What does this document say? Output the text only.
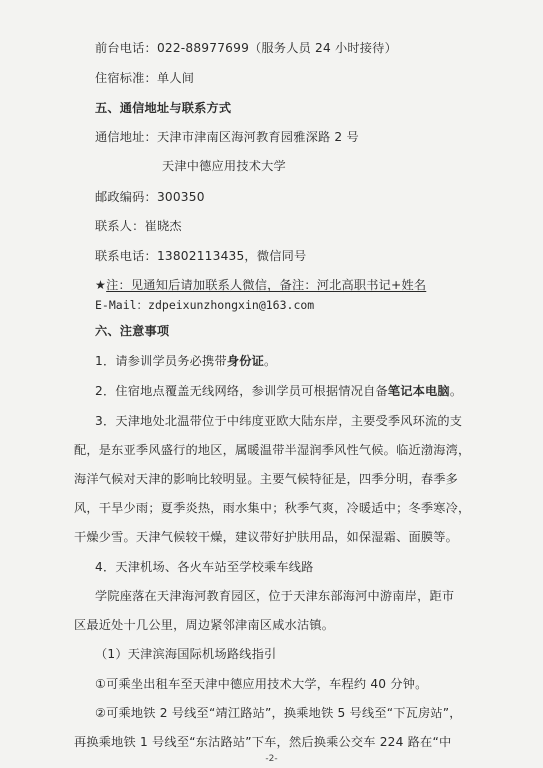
前台电话：022-88977699（服务人员 24 小时接待）
住宿标准：单人间
五、通信地址与联系方式
通信地址：天津市津南区海河教育园雅深路 2 号
天津中德应用技术大学
邮政编码：300350
联系人：崔晓杰
联系电话：13802113435，微信同号
★注：见通知后请加联系人微信，备注：河北高职书记+姓名
E-Mail：zdpeixunzhongxin@163.com
六、注意事项
1．请参训学员务必携带身份证。
2．住宿地点覆盖无线网络，参训学员可根据情况自备笔记本电脑。
3．天津地处北温带位于中纬度亚欧大陆东岸，主要受季风环流的支
配，是东亚季风盛行的地区，属暖温带半湿润季风性气候。临近渤海湾，
海洋气候对天津的影响比较明显。主要气候特征是，四季分明，春季多
风，干旱少雨；夏季炎热，雨水集中；秋季气爽，冷暖适中；冬季寒冷，
干燥少雪。天津气候较干燥，建议带好护肤用品，如保湿霜、面膜等。
4．天津机场、各火车站至学校乘车线路
学院座落在天津海河教育园区，位于天津东部海河中游南岸，距市
区最近处十几公里，周边紧邻津南区咸水沽镇。
（1）天津滨海国际机场路线指引
①可乘坐出租车至天津中德应用技术大学，车程约 40 分钟。
②可乘地铁 2 号线至“靖江路站”，换乘地铁 5 号线至“下瓦房站”，
再换乘地铁 1 号线至“东沽路站”下车，然后换乘公交车 224 路在“中
-2-
